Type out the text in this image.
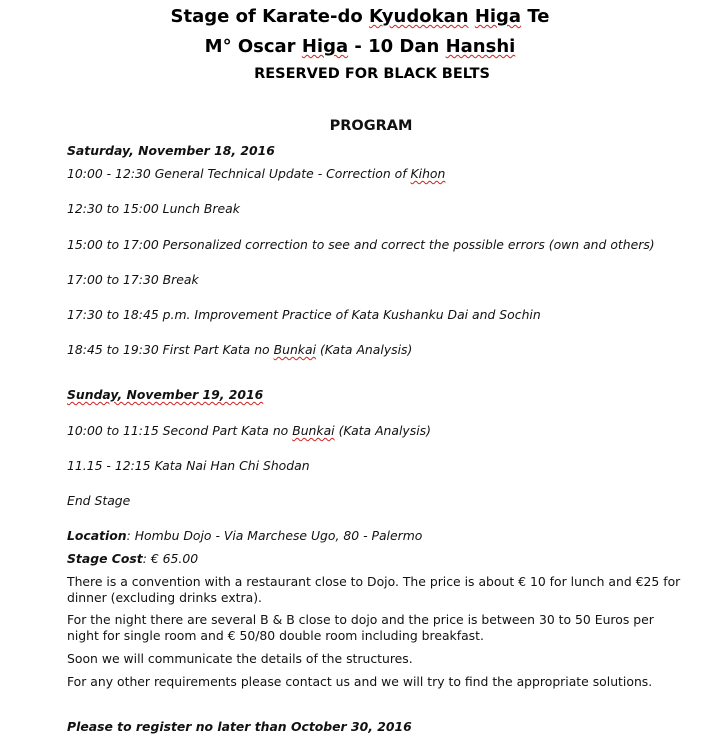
Stage of Karate-do Kyudokan Higa Te
M° Oscar Higa - 10 Dan Hanshi
RESERVED FOR BLACK BELTS
PROGRAM
Saturday, November 18, 2016
10:00 - 12:30 General Technical Update - Correction of Kihon
12:30 to 15:00 Lunch Break
15:00 to 17:00 Personalized correction to see and correct the possible errors (own and others)
17:00 to 17:30 Break
17:30 to 18:45 p.m. Improvement Practice of Kata Kushanku Dai and Sochin
18:45 to 19:30 First Part Kata no Bunkai (Kata Analysis)
Sunday, November 19, 2016
10:00 to 11:15 Second Part Kata no Bunkai (Kata Analysis)
11.15 - 12:15 Kata Nai Han Chi Shodan
End Stage
Location: Hombu Dojo - Via Marchese Ugo, 80 - Palermo
Stage Cost: € 65.00
There is a convention with a restaurant close to Dojo. The price is about € 10 for lunch and €25 for dinner (excluding drinks extra).
For the night there are several B & B close to dojo and the price is between 30 to 50 Euros per night for single room and € 50/80 double room including breakfast.
Soon we will communicate the details of the structures.
For any other requirements please contact us and we will try to find the appropriate solutions.
Please to register no later than October 30, 2016
